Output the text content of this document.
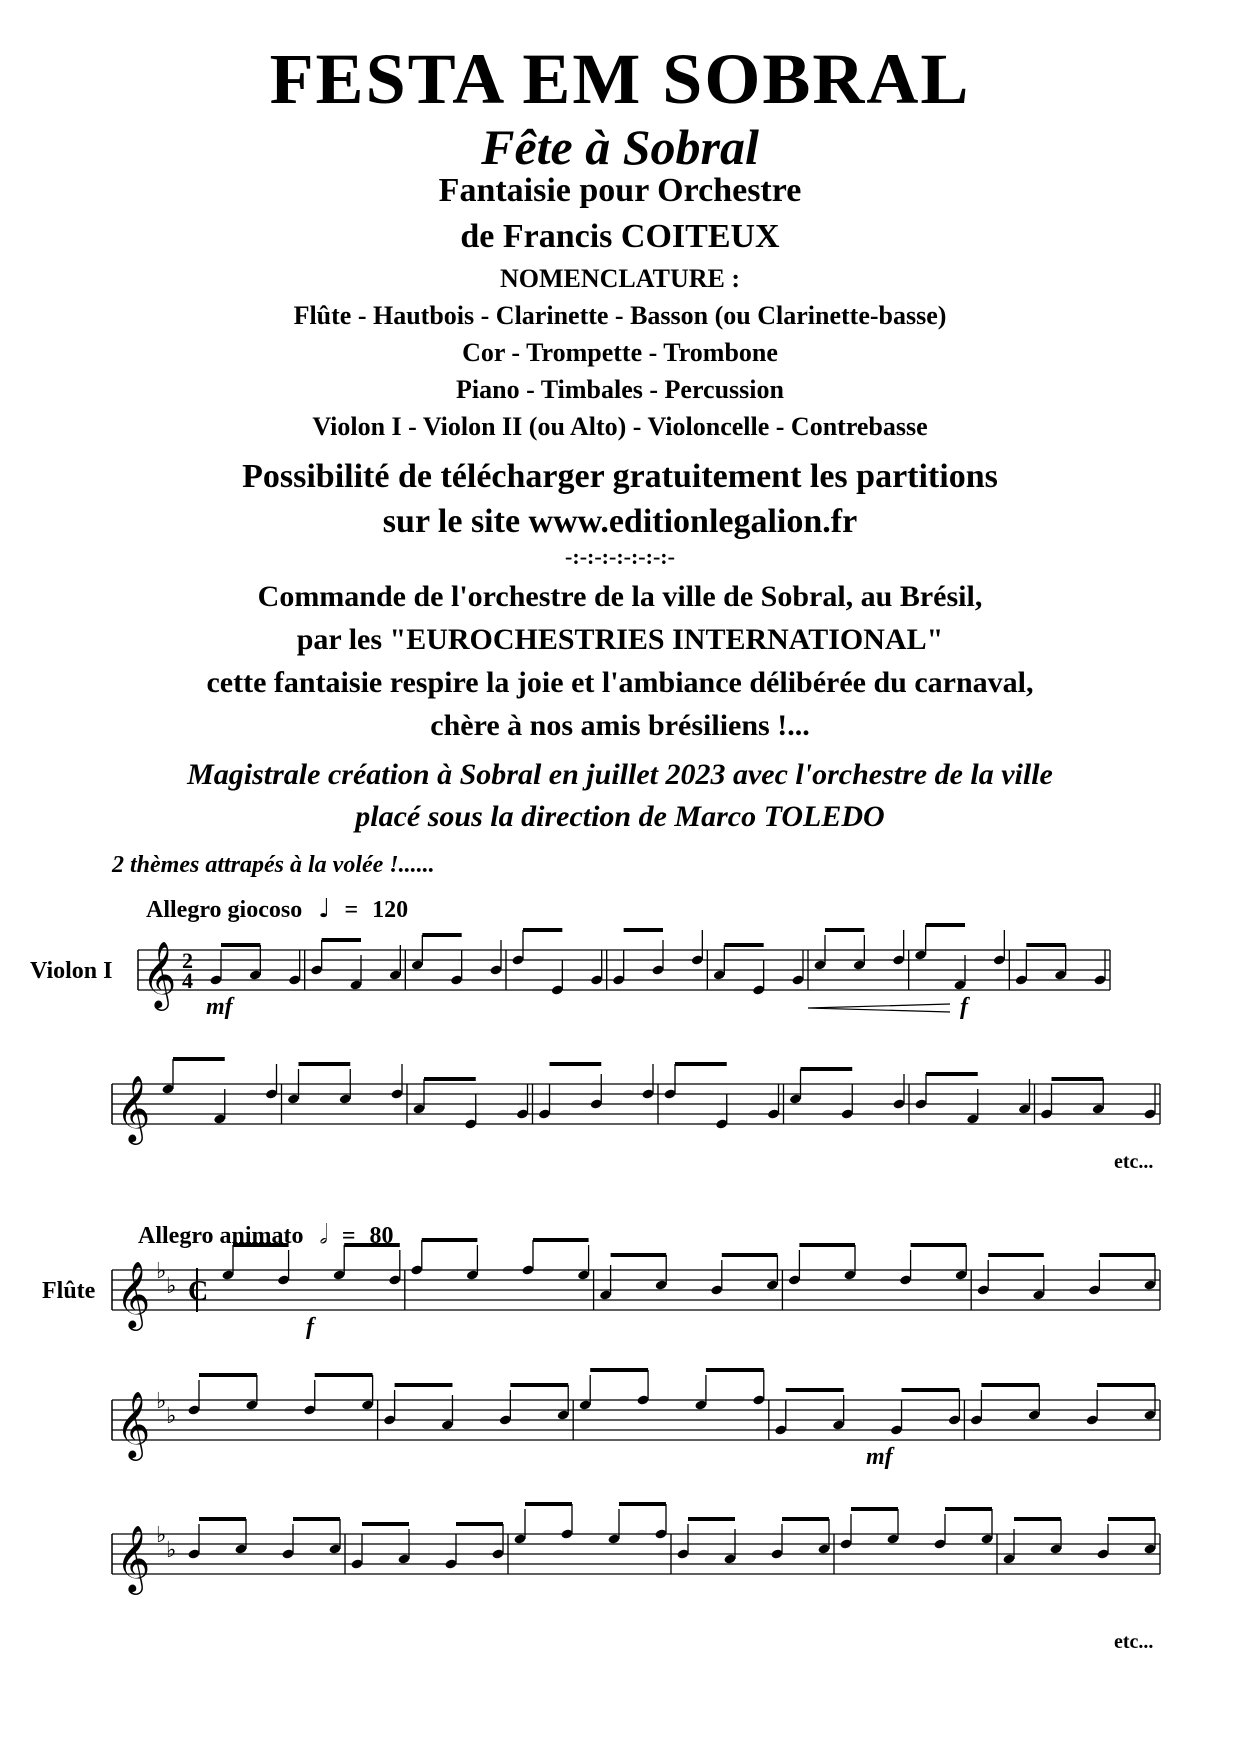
FESTA EM SOBRAL
Fête à Sobral
Fantaisie pour Orchestre
de Francis COITEUX
NOMENCLATURE :
Flûte - Hautbois - Clarinette - Basson (ou Clarinette-basse)
Cor - Trompette - Trombone
Piano - Timbales - Percussion
Violon I - Violon II (ou Alto) - Violoncelle - Contrebasse
Possibilité de télécharger gratuitement les partitions
sur le site www.editionlegalion.fr
-:-:-:-:-:-:-:-
Commande de l'orchestre de la ville de Sobral, au Brésil,
par les "EUROCHESTRIES INTERNATIONAL"
cette fantaisie respire la joie et l'ambiance délibérée du carnaval,
chère à nos amis brésiliens !...
Magistrale création à Sobral en juillet 2023 avec l'orchestre de la ville
placé sous la direction de Marco TOLEDO
2 thèmes attrapés à la volée !......
Allegro giocoso ♩ = 120
Violon I 𝄞 2
4
mf	f
𝄞
etc...
Allegro animato 𝅗𝅥 = 80
Flûte 𝄞 ♭
♭ C
f
𝄞 ♭
♭
mf
𝄞 ♭
♭
etc...
